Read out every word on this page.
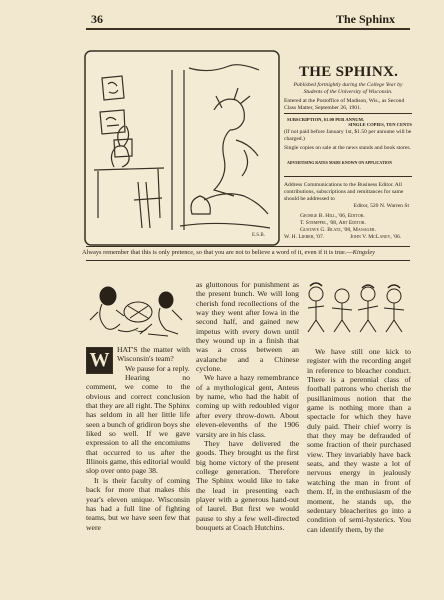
36	The Sphinx
E.S.B.
THE SPHINX.
Published fortnightly during the College Year by Students of the University of Wisconsin.
Entered at the Postoffice of Madison, Wis., as Second Class Matter, September 26, 1901.
SUBSCRIPTION, $1.00 PER ANNUM.
SINGLE COPIES, TEN CENTS
(If not paid before January 1st, $1.50 per annume will be charged.)
Single copies on sale at the news stands and book stores.
ADVERTISING RATES MADE KNOWN ON APPLICATION
Address Communications to the Business Editor. All contributions, subscriptions and remittances for same should be addressed to
Editor, 520 N. Warren St
George B. Hill, '06, Editor.
T. Stempfel, '08, Art Editor.
Gustave G. Blatz, '08, Manager.
W. H. Lieber, '07.	John V. McLaney, '06.
Always remember that this is only pretence, so that you are not to believe a word of it, even if it is true.—Kingsley

W HAT'S the matter with Wisconsin's team?

We pause for a reply.

Hearing no comment, we come to the obvious and correct conclusion that they are all right. The Sphinx has seldom in all her little life seen a bunch of gridiron boys she liked so well. If we gave expression to all the encomiums that occurred to us after the Illinois game, this editorial would slop over onto page 38.

It is their faculty of coming back for more that makes this year's eleven unique. Wisconsin has had a full line of fighting teams, but we have seen few that were

as gluttonous for punishment as the present bunch. We will long cherish fond recollections of the way they went after Iowa in the second half, and gained new impetus with every down until they wound up in a finish that was a cross between an avalanche and a Chinese cyclone.

We have a hazy remembrance of a mythological gent, Anteus by name, who had the habit of coming up with redoubled vigor after every throw-down. About eleven-elevenths of the 1906 varsity are in his class.

They have delivered the goods. They brought us the first big home victory of the present college generation. Therefore The Sphinx would like to take the lead in presenting each player with a generous hand-out of laurel. But first we would pause to shy a few well-directed bouquets at Coach Hutchins.

We have still one kick to register with the recording angel in reference to bleacher conduct. There is a perennial class of football patrons who cherish the pusillanimous notion that the game is nothing more than a spectacle for which they have duly paid. Their chief worry is that they may be defrauded of some fraction of their purchased view. They invariably have back seats, and they waste a lot of nervous energy in jealously watching the man in front of them. If, in the enthusiasm of the moment, he stands up, the sedentary bleacherites go into a condition of semi-hysterics. You can identify them, by the
